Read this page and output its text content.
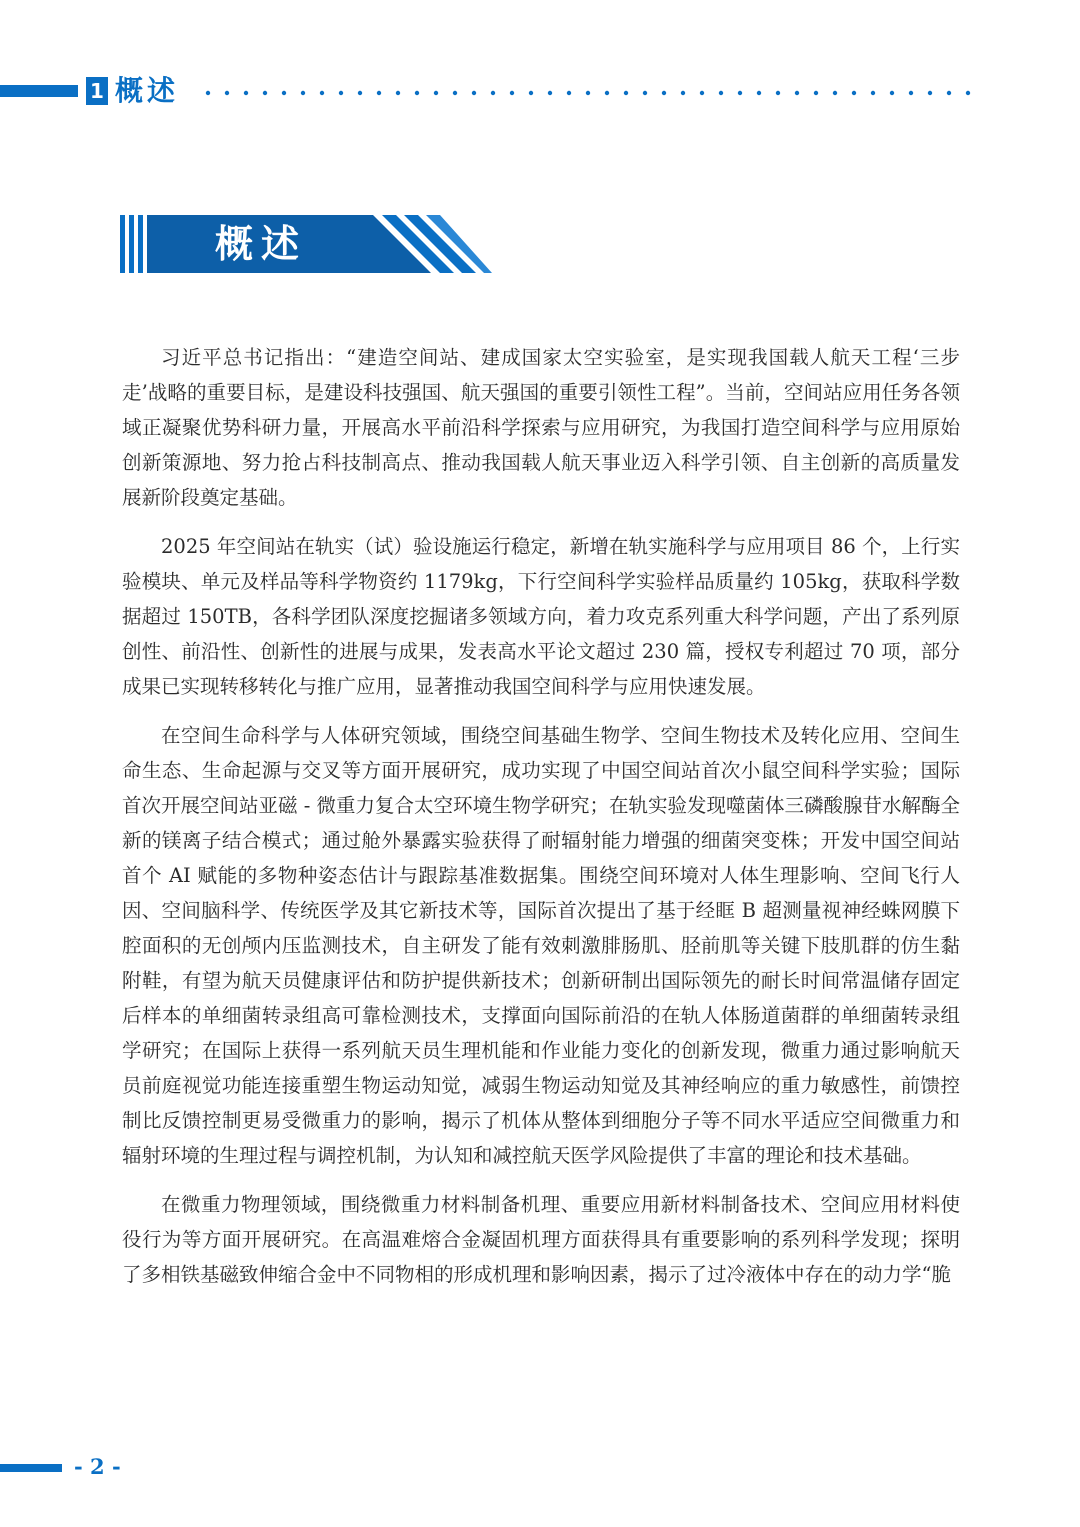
1 概述
概述

习近平总书记指出：“建造空间站、建成国家太空实验室，是实现我国载人航天工程‘三步走’战略的重要目标，是建设科技强国、航天强国的重要引领性工程”。当前，空间站应用任务各领域正凝聚优势科研力量，开展高水平前沿科学探索与应用研究，为我国打造空间科学与应用原始创新策源地、努力抢占科技制高点、推动我国载人航天事业迈入科学引领、自主创新的高质量发展新阶段奠定基础。

2025 年空间站在轨实（试）验设施运行稳定，新增在轨实施科学与应用项目 86 个，上行实验模块、单元及样品等科学物资约 1179kg，下行空间科学实验样品质量约 105kg，获取科学数据超过 150TB，各科学团队深度挖掘诸多领域方向，着力攻克系列重大科学问题，产出了系列原创性、前沿性、创新性的进展与成果，发表高水平论文超过 230 篇，授权专利超过 70 项，部分成果已实现转移转化与推广应用，显著推动我国空间科学与应用快速发展。

在空间生命科学与人体研究领域，围绕空间基础生物学、空间生物技术及转化应用、空间生命生态、生命起源与交叉等方面开展研究，成功实现了中国空间站首次小鼠空间科学实验；国际首次开展空间站亚磁 - 微重力复合太空环境生物学研究；在轨实验发现噬菌体三磷酸腺苷水解酶全新的镁离子结合模式；通过舱外暴露实验获得了耐辐射能力增强的细菌突变株；开发中国空间站首个 AI 赋能的多物种姿态估计与跟踪基准数据集。围绕空间环境对人体生理影响、空间飞行人因、空间脑科学、传统医学及其它新技术等，国际首次提出了基于经眶 B 超测量视神经蛛网膜下腔面积的无创颅内压监测技术，自主研发了能有效刺激腓肠肌、胫前肌等关键下肢肌群的仿生黏附鞋，有望为航天员健康评估和防护提供新技术；创新研制出国际领先的耐长时间常温储存固定后样本的单细菌转录组高可靠检测技术，支撑面向国际前沿的在轨人体肠道菌群的单细菌转录组学研究；在国际上获得一系列航天员生理机能和作业能力变化的创新发现，微重力通过影响航天员前庭视觉功能连接重塑生物运动知觉，减弱生物运动知觉及其神经响应的重力敏感性，前馈控制比反馈控制更易受微重力的影响，揭示了机体从整体到细胞分子等不同水平适应空间微重力和辐射环境的生理过程与调控机制，为认知和减控航天医学风险提供了丰富的理论和技术基础。

在微重力物理领域，围绕微重力材料制备机理、重要应用新材料制备技术、空间应用材料使役行为等方面开展研究。在高温难熔合金凝固机理方面获得具有重要影响的系列科学发现；探明了多相铁基磁致伸缩合金中不同物相的形成机理和影响因素，揭示了过冷液体中存在的动力学“脆

- 2 -
